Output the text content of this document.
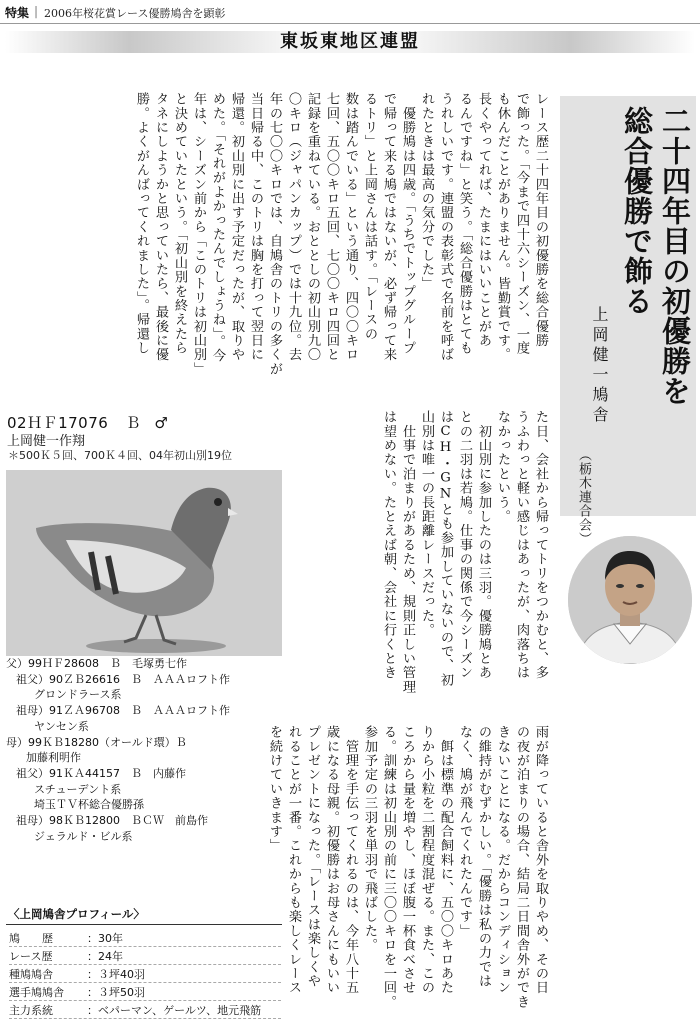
特集 | 2006年桜花賞レース優勝鳩舎を顕彰
東坂東地区連盟
二十四年目の初優勝を
総合優勝で飾る
上岡健一鳩舎
（栃木連合会）
レース歴二十四年目の初優勝を総合優勝
で飾った。「今まで四十六シーズン、一度
も休んだことがありません。皆勤賞です。
長くやってれば、たまにはいいことがあ
るんですね」と笑う。「総合優勝はとても
うれしいです。連盟の表彰式で名前を呼ば
れたときは最高の気分でした」
　優勝鳩は四歳。「うちでトップグループ
で帰って来る鳩ではないが、必ず帰って来
るトリ」と上岡さんは話す。「レースの
数は踏んでいる」という通り、四〇〇キロ
七回、五〇〇キロ五回、七〇〇キロ四回と
記録を重ねている。おととしの初山別九〇
〇キロ（ジャパンカップ）では十九位。去
年の七〇〇キロでは、自鳩舎のトリの多くが
当日帰る中、このトリは胸を打って翌日に
帰還。初山別に出す予定だったが、取りや
めた。「それがよかったんでしょうね」。今
年は、シーズン前から「このトリは初山別」
と決めていたという。「初山別を終えたら
タネにしようかと思っていたら、最後に優
勝。よくがんばってくれました」。帰還し
た日、会社から帰ってトリをつかむと、多
うふわっと軽い感じはあったが、肉落ちは
なかったという。
　初山別に参加したのは三羽。優勝鳩とあ
との二羽は若鳩。仕事の関係で今シーズン
はCH・GNとも参加していないので、初
山別は唯一の長距離レースだった。
　仕事で泊まりがあるため、規則正しい管理
は望めない。たとえば朝、会社に行くとき
雨が降っていると舎外を取りやめ、その日
の夜が泊まりの場合、結局二日間舎外ができ
きないことになる。だからコンディション
の維持がむずかしい。「優勝は私の力では
なく、鳩が飛んでくれたんです」
　餌は標準の配合飼料に、五〇〇キロあた
りから小粒を二割程度混ぜる。また、この
ころから量を増やし、ほぼ腹一杯食べさせ
る。訓練は初山別の前に三〇〇キロを一回。
参加予定の三羽を単羽で飛ばした。
　管理を手伝ってくれるのは、今年八十五
歳になる母親。初優勝はお母さんにもいい
プレゼントになった。「レースは楽しくや
れることが一番。これからも楽しくレース
を続けていきます」
02ＨＦ17076 Ｂ ♂
上岡健一作翔
＊500Ｋ５回、700Ｋ４回、04年初山別19位
父）99ＨＦ28608　Ｂ　毛塚勇七作
祖父）90ＺＢ26616　Ｂ　ＡＡＡロフト作
グロンドラース系
祖母）91ＺＡ96708　Ｂ　ＡＡＡロフト作
ヤンセン系
母）99ＫＢ18280（オールド環）Ｂ
加藤利明作
祖父）91ＫＡ44157　Ｂ　内藤作
スチューデント系
埼玉ＴＶ杯総合優勝孫
祖母）98ＫＢ12800　ＢＣＷ　前島作
ジェラルド・ビル系
〈上岡鳩舎プロフィール〉
鳩　　歴	：30年
レース歴	：24年
種鳩鳩舎	：３坪40羽
選手鳩鳩舎 ：３坪50羽
主力系統	：ベパーマン、ゲールツ、地元飛筋
